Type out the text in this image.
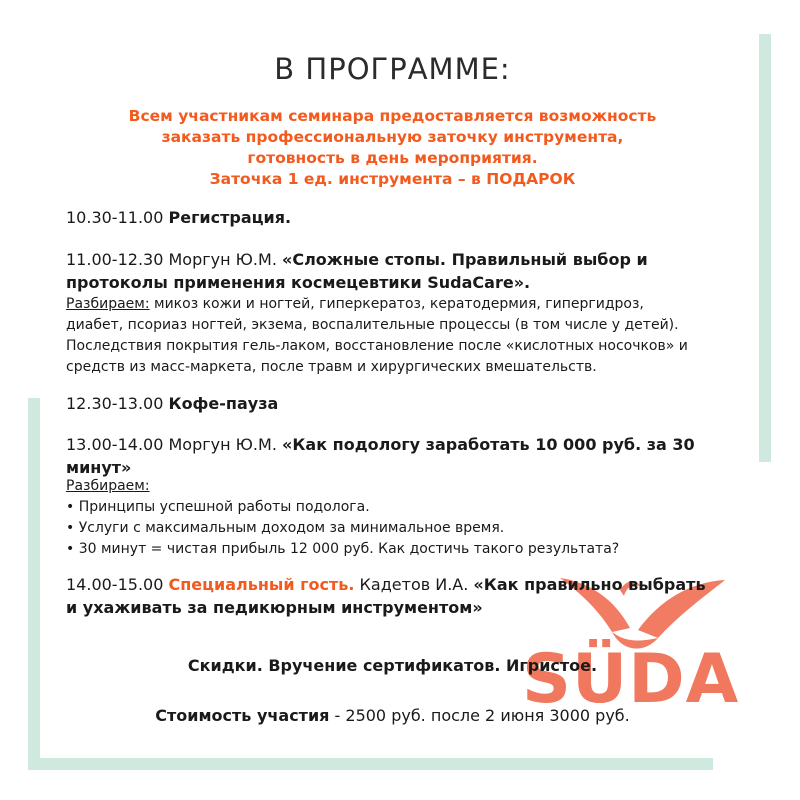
В ПРОГРАММЕ:
Всем участникам семинара предоставляется возможность
заказать профессиональную заточку инструмента,
готовность в день мероприятия.
Заточка 1 ед. инструмента – в ПОДАРОК
10.30-11.00 Регистрация.
11.00-12.30 Моргун Ю.М. «Сложные стопы. Правильный выбор и
протоколы применения космецевтики SudaCare».
Разбираем: микоз кожи и ногтей, гиперкератоз, кератодермия, гипергидроз,
диабет, псориаз ногтей, экзема, воспалительные процессы (в том числе у детей).
Последствия покрытия гель-лаком, восстановление после «кислотных носочков» и
средств из масс-маркета, после травм и хирургических вмешательств.
12.30-13.00 Кофе-пауза
13.00-14.00 Моргун Ю.М. «Как подологу заработать 10 000 руб. за 30
минут»
Разбираем:
• Принципы успешной работы подолога.
• Услуги с максимальным доходом за минимальное время.
• 30 минут = чистая прибыль 12 000 руб. Как достичь такого результата?
SÜDA
14.00-15.00 Специальный гость. Кадетов И.А. «Как правильно выбрать
и ухаживать за педикюрным инструментом»
Скидки. Вручение сертификатов. Игристое.
Стоимость участия - 2500 руб. после 2 июня 3000 руб.
